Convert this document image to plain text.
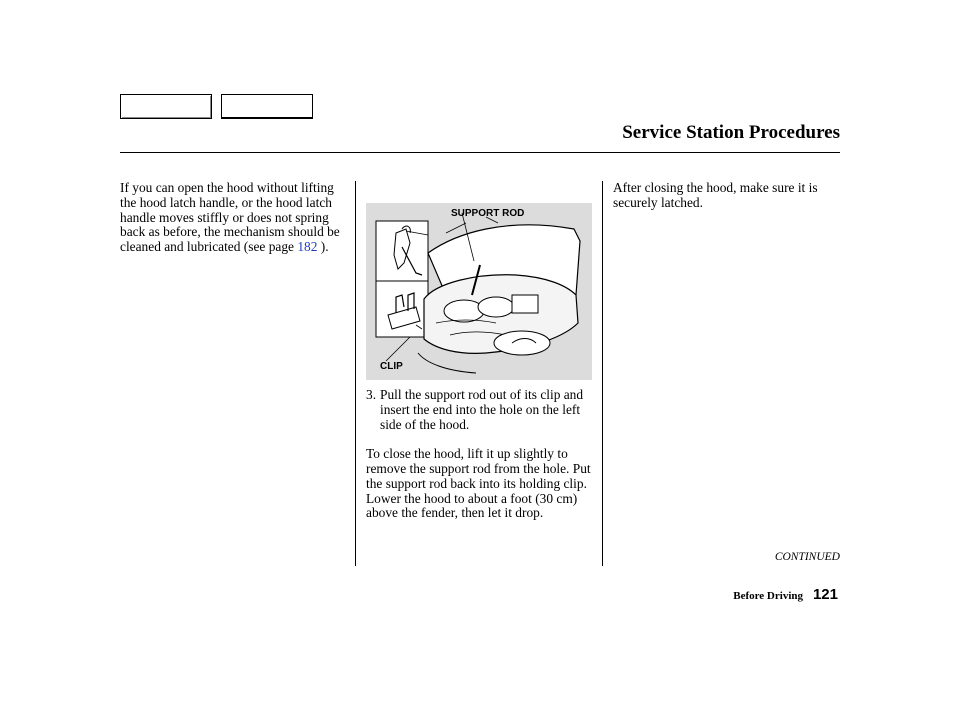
Service Station Procedures
If you can open the hood without lifting the hood latch handle, or the hood latch handle moves stiffly or does not spring back as before, the mechanism should be cleaned and lubricated (see page 182 ).
SUPPORT ROD
CLIP
3. Pull the support rod out of its clip and insert the end into the hole on the left side of the hood.
To close the hood, lift it up slightly to remove the support rod from the hole. Put the support rod back into its holding clip. Lower the hood to about a foot (30 cm) above the fender, then let it drop.
After closing the hood, make sure it is securely latched.
CONTINUED
Before Driving 121
